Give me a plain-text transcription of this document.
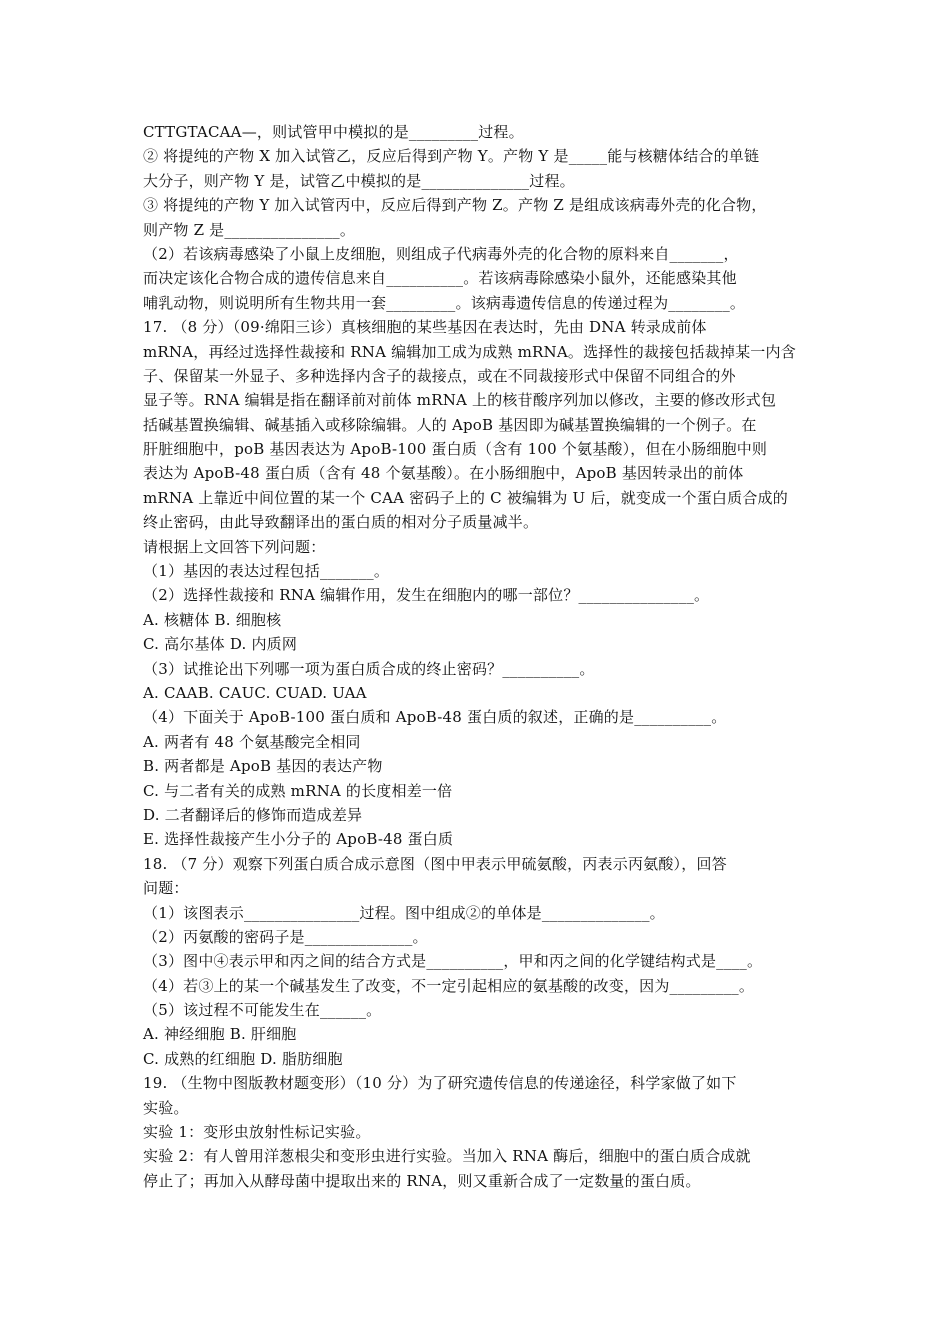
CTTGTACAA—，则试管甲中模拟的是_________过程。
② 将提纯的产物 X 加入试管乙，反应后得到产物 Y。产物 Y 是_____能与核糖体结合的单链
大分子，则产物 Y 是，试管乙中模拟的是______________过程。
③ 将提纯的产物 Y 加入试管丙中，反应后得到产物 Z。产物 Z 是组成该病毒外壳的化合物，
则产物 Z 是_______________。
（2）若该病毒感染了小鼠上皮细胞，则组成子代病毒外壳的化合物的原料来自_______，
而决定该化合物合成的遗传信息来自__________。若该病毒除感染小鼠外，还能感染其他
哺乳动物，则说明所有生物共用一套_________。该病毒遗传信息的传递过程为________。
17. （8 分）（09·绵阳三诊）真核细胞的某些基因在表达时，先由 DNA 转录成前体
mRNA，再经过选择性裁接和 RNA 编辑加工成为成熟 mRNA。选择性的裁接包括裁掉某一内含
子、保留某一外显子、多种选择内含子的裁接点，或在不同裁接形式中保留不同组合的外
显子等。RNA 编辑是指在翻译前对前体 mRNA 上的核苷酸序列加以修改，主要的修改形式包
括碱基置换编辑、碱基插入或移除编辑。人的 ApoB 基因即为碱基置换编辑的一个例子。在
肝脏细胞中，poB 基因表达为 ApoB-100 蛋白质（含有 100 个氨基酸），但在小肠细胞中则
表达为 ApoB-48 蛋白质（含有 48 个氨基酸）。在小肠细胞中，ApoB 基因转录出的前体
mRNA 上靠近中间位置的某一个 CAA 密码子上的 C 被编辑为 U 后，就变成一个蛋白质合成的
终止密码，由此导致翻译出的蛋白质的相对分子质量减半。
请根据上文回答下列问题：
（1）基因的表达过程包括_______。
（2）选择性裁接和 RNA 编辑作用，发生在细胞内的哪一部位？_______________。
A. 核糖体 B. 细胞核
C. 高尔基体 D. 内质网
（3）试推论出下列哪一项为蛋白质合成的终止密码？__________。
A. CAAB. CAUC. CUAD. UAA
（4）下面关于 ApoB-100 蛋白质和 ApoB-48 蛋白质的叙述，正确的是__________。
A. 两者有 48 个氨基酸完全相同
B. 两者都是 ApoB 基因的表达产物
C. 与二者有关的成熟 mRNA 的长度相差一倍
D. 二者翻译后的修饰而造成差异
E. 选择性裁接产生小分子的 ApoB-48 蛋白质
18. （7 分）观察下列蛋白质合成示意图（图中甲表示甲硫氨酸，丙表示丙氨酸），回答
问题：
（1）该图表示_______________过程。图中组成②的单体是______________。
（2）丙氨酸的密码子是______________。
（3）图中④表示甲和丙之间的结合方式是__________，甲和丙之间的化学键结构式是____。
（4）若③上的某一个碱基发生了改变，不一定引起相应的氨基酸的改变，因为_________。
（5）该过程不可能发生在______。
A. 神经细胞 B. 肝细胞
C. 成熟的红细胞 D. 脂肪细胞
19. （生物中图版教材题变形）（10 分）为了研究遗传信息的传递途径，科学家做了如下
实验。
实验 1：变形虫放射性标记实验。
实验 2：有人曾用洋葱根尖和变形虫进行实验。当加入 RNA 酶后，细胞中的蛋白质合成就
停止了；再加入从酵母菌中提取出来的 RNA，则又重新合成了一定数量的蛋白质。
